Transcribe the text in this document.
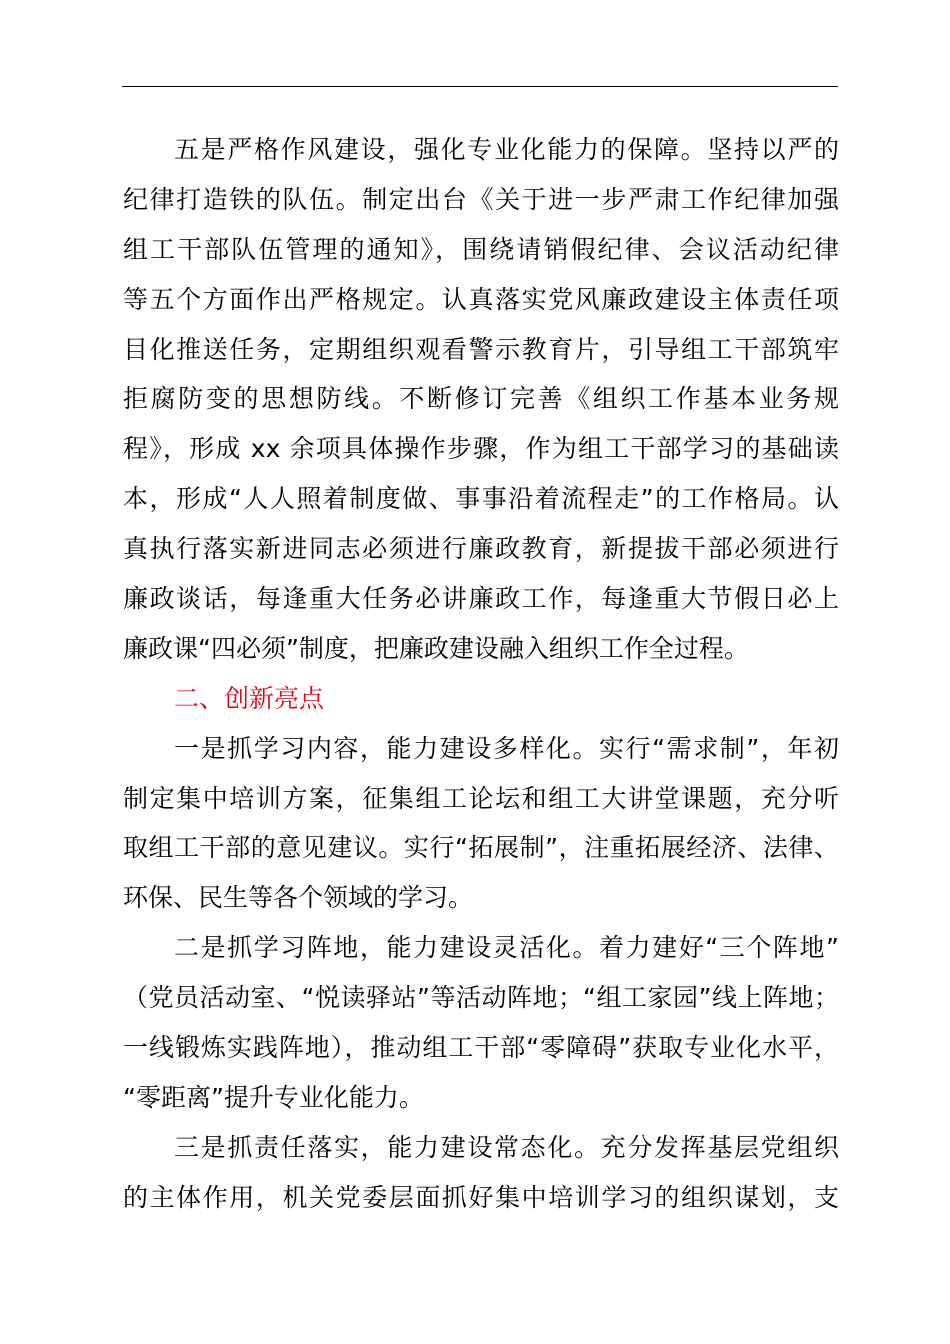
五是严格作风建设，强化专业化能力的保障。坚持以严的
纪律打造铁的队伍。制定出台《关于进一步严肃工作纪律加强
组工干部队伍管理的通知》，围绕请销假纪律、会议活动纪律
等五个方面作出严格规定。认真落实党风廉政建设主体责任项
目化推送任务，定期组织观看警示教育片，引导组工干部筑牢
拒腐防变的思想防线。不断修订完善《组织工作基本业务规
程》，形成 xx 余项具体操作步骤，作为组工干部学习的基础读
本，形成“人人照着制度做、事事沿着流程走”的工作格局。认
真执行落实新进同志必须进行廉政教育，新提拔干部必须进行
廉政谈话，每逢重大任务必讲廉政工作，每逢重大节假日必上
廉政课“四必须”制度，把廉政建设融入组织工作全过程。
二、创新亮点
一是抓学习内容，能力建设多样化。实行“需求制”，年初
制定集中培训方案，征集组工论坛和组工大讲堂课题，充分听
取组工干部的意见建议。实行“拓展制”，注重拓展经济、法律、
环保、民生等各个领域的学习。
二是抓学习阵地，能力建设灵活化。着力建好“三个阵地”
（党员活动室、“悦读驿站”等活动阵地；“组工家园”线上阵地；
一线锻炼实践阵地），推动组工干部“零障碍”获取专业化水平，
“零距离”提升专业化能力。
三是抓责任落实，能力建设常态化。充分发挥基层党组织
的主体作用，机关党委层面抓好集中培训学习的组织谋划，支
